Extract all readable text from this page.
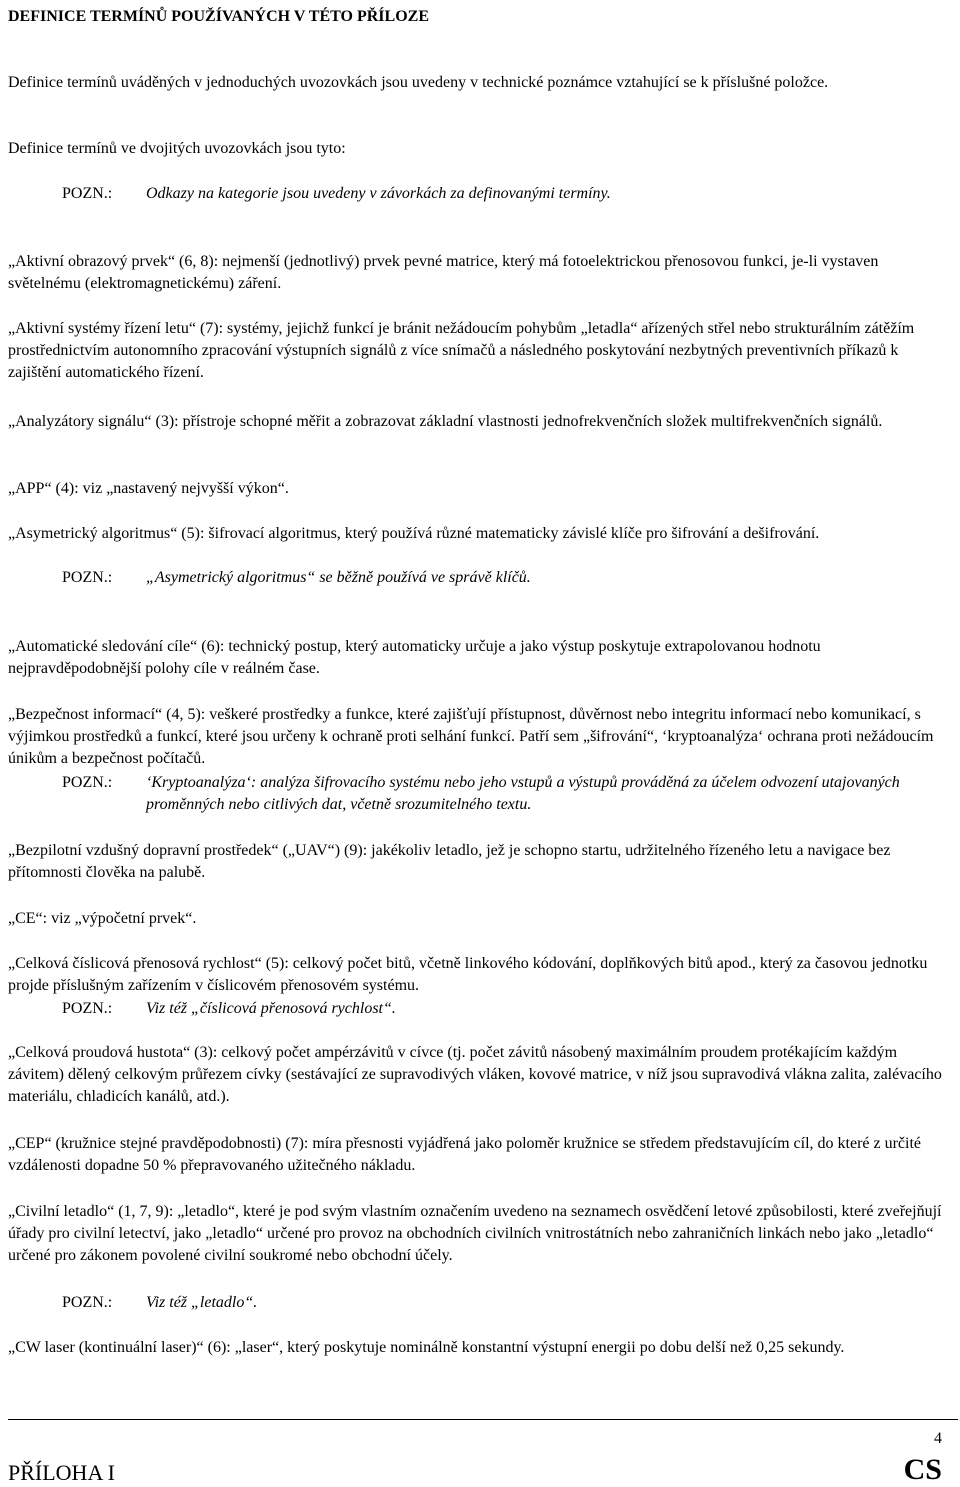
DEFINICE TERMÍNŮ POUŽÍVANÝCH V TÉTO PŘÍLOZE

Definice termínů uváděných v jednoduchých uvozovkách jsou uvedeny v technické poznámce vztahující se k příslušné položce.

Definice termínů ve dvojitých uvozovkách jsou tyto:

POZN.: Odkazy na kategorie jsou uvedeny v závorkách za definovanými termíny.

„Aktivní obrazový prvek“ (6, 8): nejmenší (jednotlivý) prvek pevné matrice, který má fotoelektrickou přenosovou funkci, je-li vystaven světelnému (elektromagnetickému) záření.

„Aktivní systémy řízení letu“ (7): systémy, jejichž funkcí je bránit nežádoucím pohybům „letadla“ ařízených střel nebo strukturálním zátěžím prostřednictvím autonomního zpracování výstupních signálů z více snímačů a následného poskytování nezbytných preventivních příkazů k zajištění automatického řízení.

„Analyzátory signálu“ (3): přístroje schopné měřit a zobrazovat základní vlastnosti jednofrekvenčních složek multifrekvenčních signálů.

„APP“ (4): viz „nastavený nejvyšší výkon“.

„Asymetrický algoritmus“ (5): šifrovací algoritmus, který používá různé matematicky závislé klíče pro šifrování a dešifrování.

POZN.: „Asymetrický algoritmus“ se běžně používá ve správě klíčů.

„Automatické sledování cíle“ (6): technický postup, který automaticky určuje a jako výstup poskytuje extrapolovanou hodnotu nejpravděpodobnější polohy cíle v reálném čase.

„Bezpečnost informací“ (4, 5): veškeré prostředky a funkce, které zajišťují přístupnost, důvěrnost nebo integritu informací nebo komunikací, s výjimkou prostředků a funkcí, které jsou určeny k ochraně proti selhání funkcí. Patří sem „šifrování“, ‘kryptoanalýza‘ ochrana proti nežádoucím únikům a bezpečnost počítačů.

POZN.: ‘Kryptoanalýza‘: analýza šifrovacího systému nebo jeho vstupů a výstupů prováděná za účelem odvození utajovaných proměnných nebo citlivých dat, včetně srozumitelného textu.

„Bezpilotní vzdušný dopravní prostředek“ („UAV“) (9): jakékoliv letadlo, jež je schopno startu, udržitelného řízeného letu a navigace bez přítomnosti člověka na palubě.

„CE“: viz „výpočetní prvek“.

„Celková číslicová přenosová rychlost“ (5): celkový počet bitů, včetně linkového kódování, doplňkových bitů apod., který za časovou jednotku projde příslušným zařízením v číslicovém přenosovém systému.

POZN.: Viz též „číslicová přenosová rychlost“.

„Celková proudová hustota“ (3): celkový počet ampérzávitů v cívce (tj. počet závitů násobený maximálním proudem protékajícím každým závitem) dělený celkovým průřezem cívky (sestávající ze supravodivých vláken, kovové matrice, v níž jsou supravodivá vlákna zalita, zalévacího materiálu, chladicích kanálů, atd.).

„CEP“ (kružnice stejné pravděpodobnosti) (7): míra přesnosti vyjádřená jako poloměr kružnice se středem představujícím cíl, do které z určité vzdálenosti dopadne 50 % přepravovaného užitečného nákladu.

„Civilní letadlo“ (1, 7, 9): „letadlo“, které je pod svým vlastním označením uvedeno na seznamech osvědčení letové způsobilosti, které zveřejňují úřady pro civilní letectví, jako „letadlo“ určené pro provoz na obchodních civilních vnitrostátních nebo zahraničních linkách nebo jako „letadlo“ určené pro zákonem povolené civilní soukromé nebo obchodní účely.

POZN.: Viz též „letadlo“.

„CW laser (kontinuální laser)“ (6): „laser“, který poskytuje nominálně konstantní výstupní energii po dobu delší než 0,25 sekundy.

PŘÍLOHA I
4
CS
